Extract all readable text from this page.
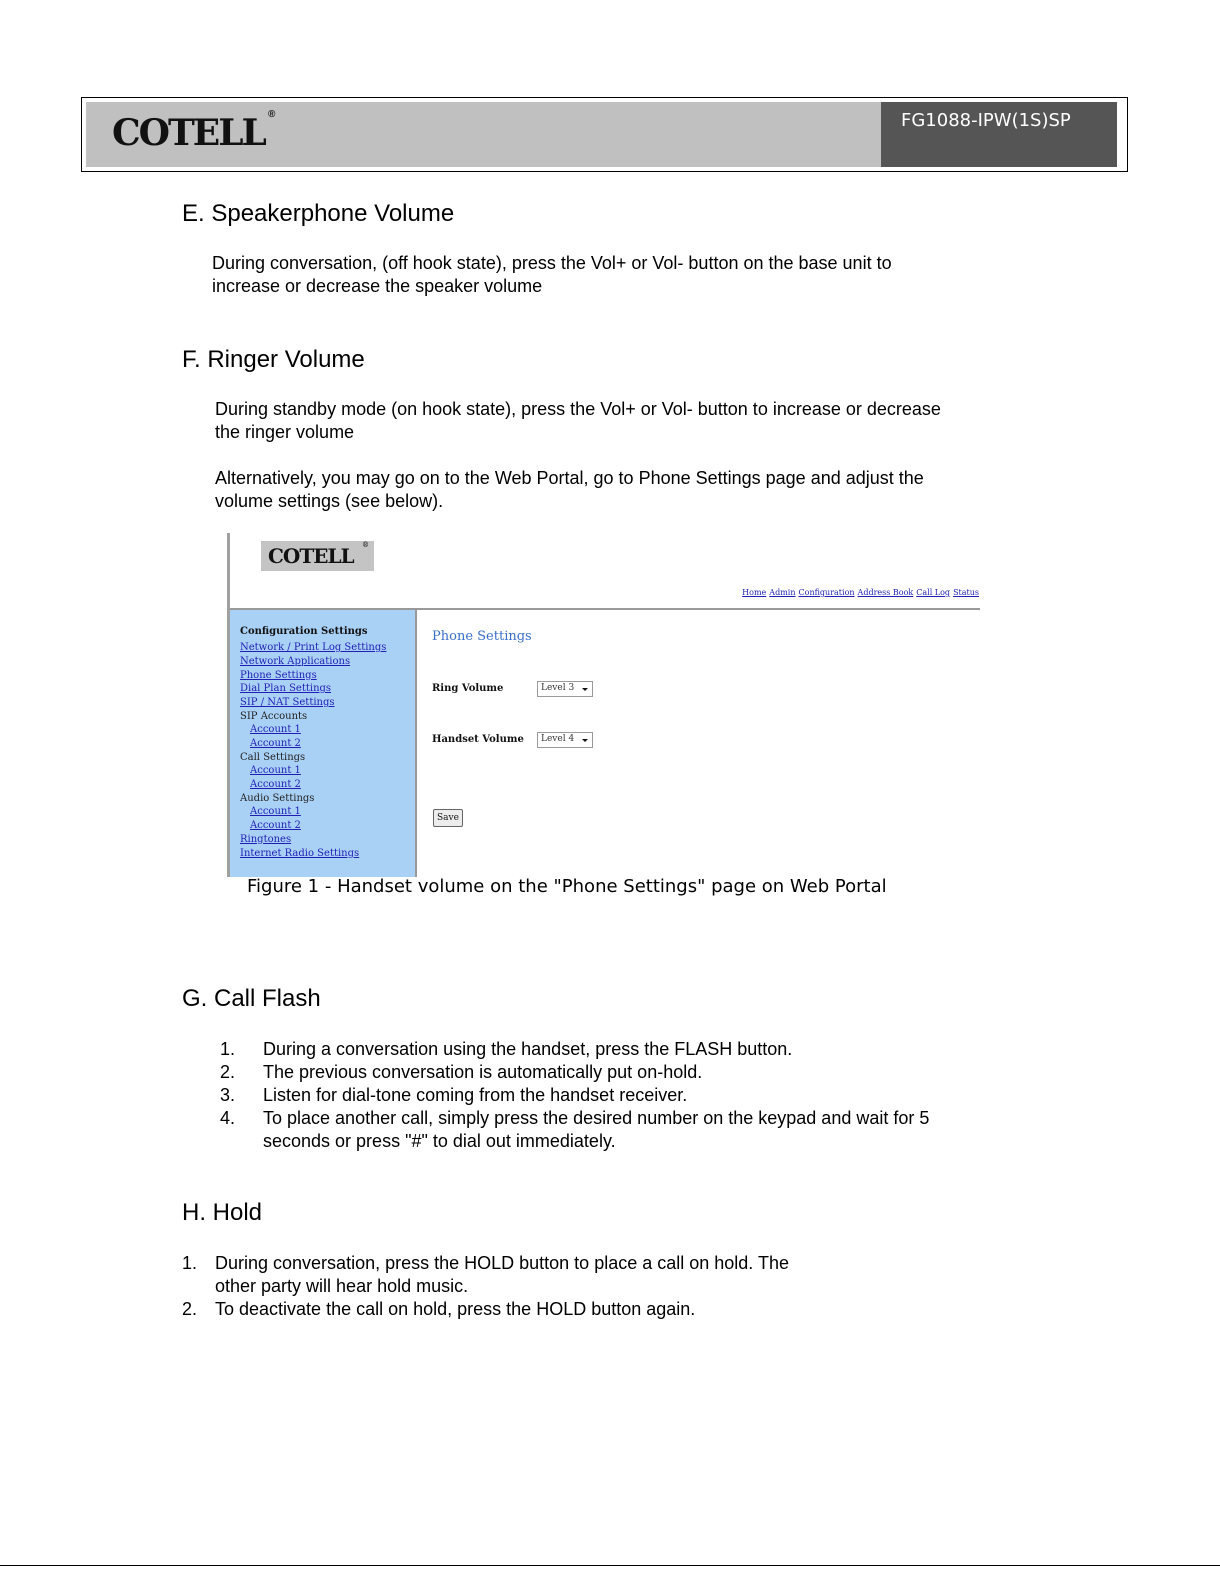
COTELL ®	FG1088-IPW(1S)SP
E. Speakerphone Volume

During conversation, (off hook state), press the Vol+ or Vol- button on the base unit to

increase or decrease the speaker volume

F. Ringer Volume

During standby mode (on hook state), press the Vol+ or Vol- button to increase or decrease

the ringer volume

Alternatively, you may go on to the Web Portal, go to Phone Settings page and adjust the

volume settings (see below).

COTELL ®
Home Admin Configuration Address Book Call Log Status
Configuration Settings
Network / Print Log Settings
Network Applications
Phone Settings
Dial Plan Settings
SIP / NAT Settings
SIP Accounts
Account 1
Account 2
Call Settings
Account 1
Account 2
Audio Settings
Account 1
Account 2
Ringtones
Internet Radio Settings
Phone Settings
Ring Volume	Level 3
Handset Volume Level 4
Save
Figure 1 - Handset volume on the "Phone Settings" page on Web Portal
G. Call Flash
1. During a conversation using the handset, press the FLASH button.
2. The previous conversation is automatically put on-hold.
3. Listen for dial-tone coming from the handset receiver.
4. To place another call, simply press the desired number on the keypad and wait for 5
seconds or press "#" to dial out immediately.
H. Hold
1. During conversation, press the HOLD button to place a call on hold. The
other party will hear hold music.
2. To deactivate the call on hold, press the HOLD button again.
